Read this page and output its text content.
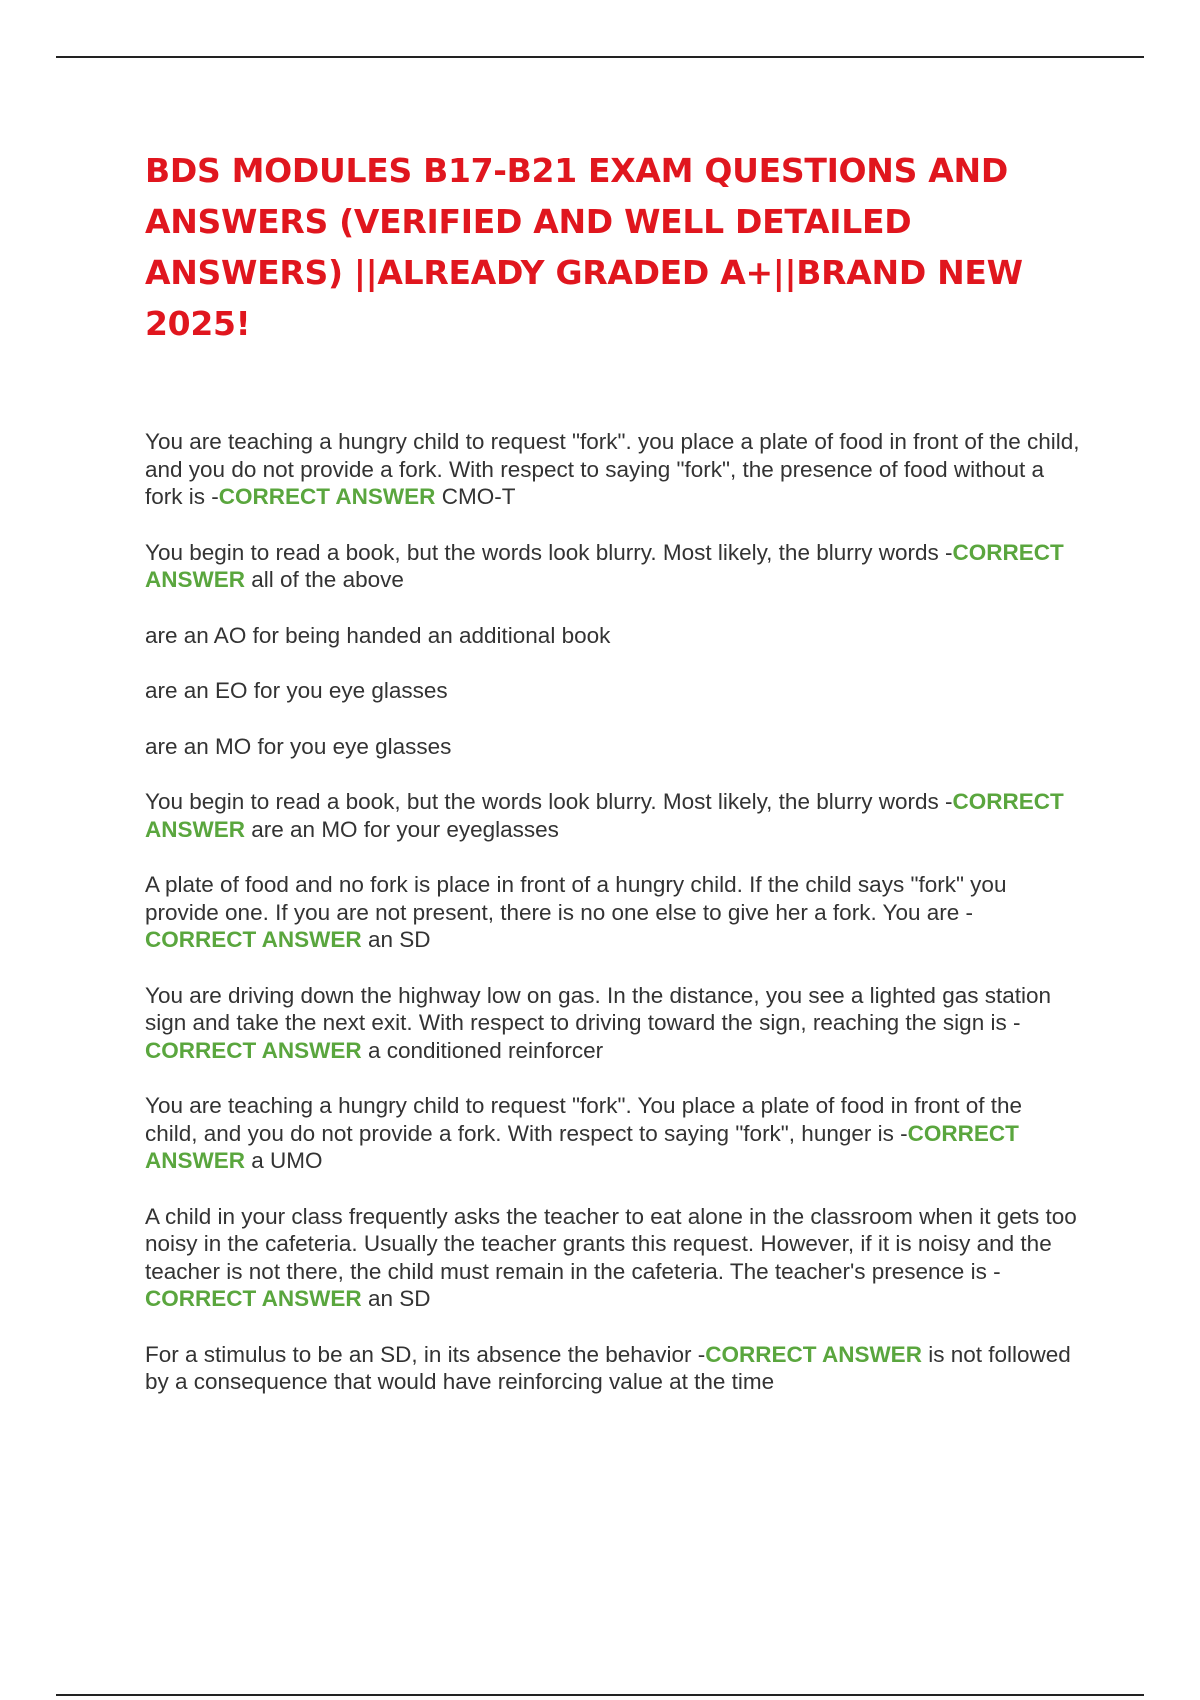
BDS MODULES B17-B21 EXAM QUESTIONS AND ANSWERS (VERIFIED AND WELL DETAILED ANSWERS) ||ALREADY GRADED A+||BRAND NEW 2025!

You are teaching a hungry child to request "fork". you place a plate of food in front of the child, and you do not provide a fork. With respect to saying "fork", the presence of food without a fork is -CORRECT ANSWER CMO-T

You begin to read a book, but the words look blurry. Most likely, the blurry words -CORRECT ANSWER all of the above

are an AO for being handed an additional book

are an EO for you eye glasses

are an MO for you eye glasses

You begin to read a book, but the words look blurry. Most likely, the blurry words -CORRECT ANSWER are an MO for your eyeglasses

A plate of food and no fork is place in front of a hungry child. If the child says "fork" you provide one. If you are not present, there is no one else to give her a fork. You are -CORRECT ANSWER an SD

You are driving down the highway low on gas. In the distance, you see a lighted gas station sign and take the next exit. With respect to driving toward the sign, reaching the sign is -CORRECT ANSWER a conditioned reinforcer

You are teaching a hungry child to request "fork". You place a plate of food in front of the child, and you do not provide a fork. With respect to saying "fork", hunger is -CORRECT ANSWER a UMO

A child in your class frequently asks the teacher to eat alone in the classroom when it gets too noisy in the cafeteria. Usually the teacher grants this request. However, if it is noisy and the teacher is not there, the child must remain in the cafeteria. The teacher's presence is -CORRECT ANSWER an SD

For a stimulus to be an SD, in its absence the behavior -CORRECT ANSWER is not followed by a consequence that would have reinforcing value at the time
